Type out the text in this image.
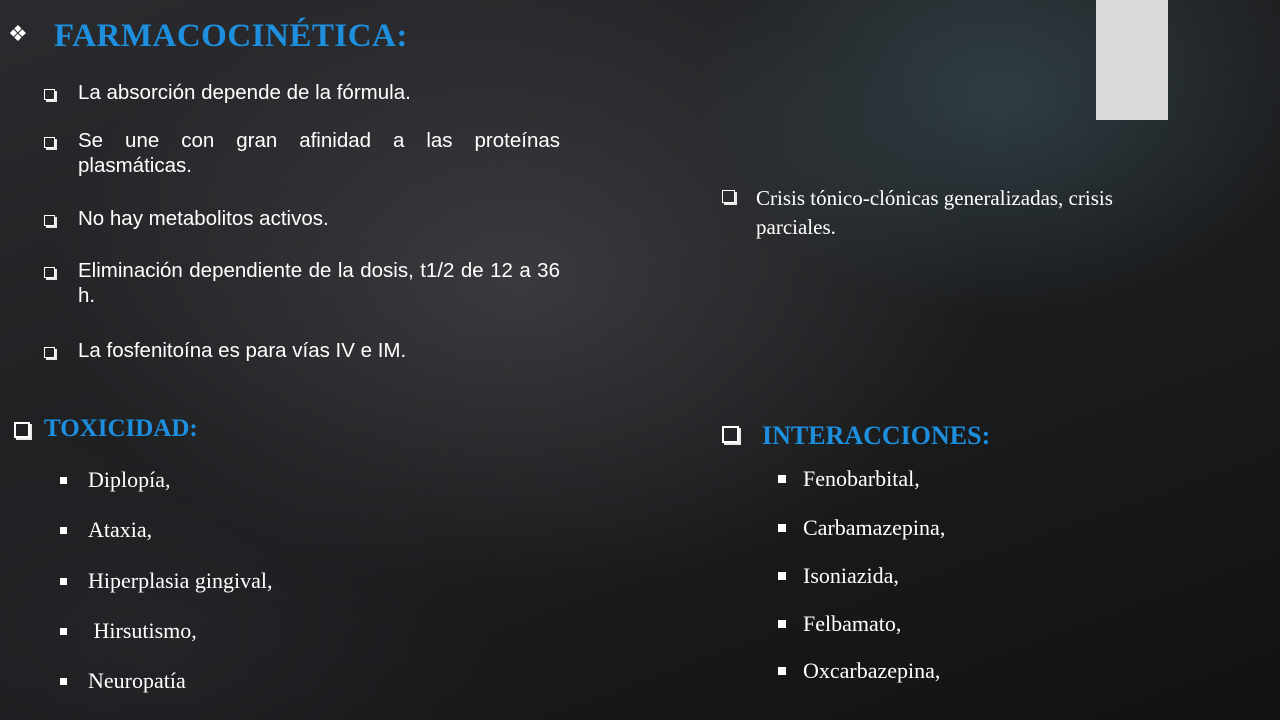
❖ FARMACOCINÉTICA:
La absorción depende de la fórmula.
Se une con gran afinidad a las proteínas plasmáticas.
No hay metabolitos activos.
Eliminación dependiente de la dosis, t1/2 de 12 a 36 h.
La fosfenitoína es para vías IV e IM.
TOXICIDAD:
Diplopía,
Ataxia,
Hiperplasia gingival,
Hirsutismo,
Neuropatía
Crisis tónico-clónicas generalizadas, crisis parciales.
INTERACCIONES:
Fenobarbital,
Carbamazepina,
Isoniazida,
Felbamato,
Oxcarbazepina,
